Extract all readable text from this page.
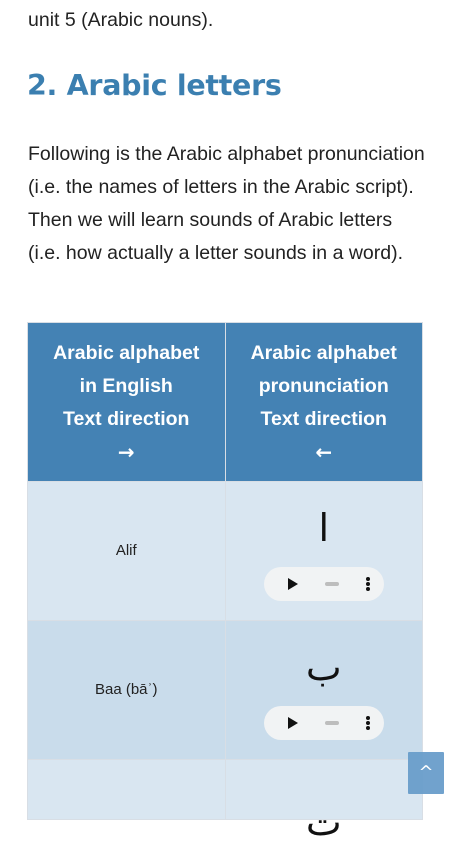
unit 5 (Arabic nouns).

2. Arabic letters

Following is the Arabic alphabet pronunciation (i.e. the names of letters in the Arabic script). Then we will learn sounds of Arabic letters (i.e. how actually a letter sounds in a word).

Arabic alphabet
in English
Text direction
→	Arabic alphabet
pronunciation
Text direction
←

Alif	ا

Baa (bāʾ)	ب

	ت
^
